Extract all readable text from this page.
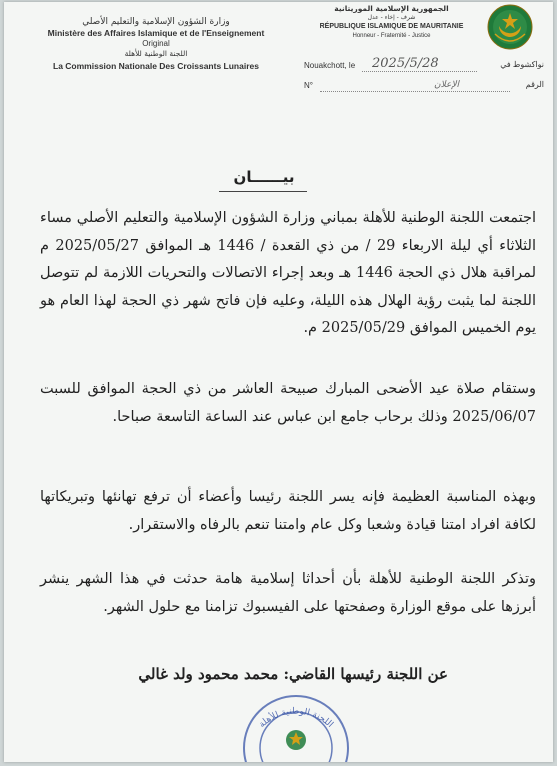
وزارة الشؤون الإسلامية والتعليم الأصلي
Ministère des Affaires Islamique et de l'Enseignement
Original
اللجنة الوطنية للأهلة
La Commission Nationale Des Croissants Lunaires
الجمهورية الإسلامية الموريتانية
شرف - إخاء - عدل
RÉPUBLIQUE ISLAMIQUE DE MAURITANIE
Honneur - Fraternité - Justice
Nouakchott, le 2025/5/28	نواكشوط في
N°	الإعلان	الرقم
بيــــــان
اجتمعت اللجنة الوطنية للأهلة بمباني وزارة الشؤون الإسلامية والتعليم الأصلي مساء الثلاثاء أي ليلة الاربعاء 29 / من ذي القعدة / 1446 هـ الموافق 2025/05/27 م لمراقبة هلال ذي الحجة 1446 هـ وبعد إجراء الاتصالات والتحريات اللازمة لم تتوصل اللجنة لما يثبت رؤية الهلال هذه الليلة، وعليه فإن فاتح شهر ذي الحجة لهذا العام هو يوم الخميس الموافق 2025/05/29 م.
وستقام صلاة عيد الأضحى المبارك صبيحة العاشر من ذي الحجة الموافق للسبت 2025/06/07 وذلك برحاب جامع ابن عباس عند الساعة التاسعة صباحا.
وبهذه المناسبة العظيمة فإنه يسر اللجنة رئيسا وأعضاء أن ترفع تهانئها وتبريكاتها لكافة افراد امتنا قيادة وشعبا وكل عام وامتنا تنعم بالرفاه والاستقرار.
وتذكر اللجنة الوطنية للأهلة بأن أحداثا إسلامية هامة حدثت في هذا الشهر ينشر أبرزها على موقع الوزارة وصفحتها على الفيسبوك تزامنا مع حلول الشهر.
عن اللجنة رئيسها القاضي: محمد محمود ولد غالي
اللجنة الوطنية للأهلة
